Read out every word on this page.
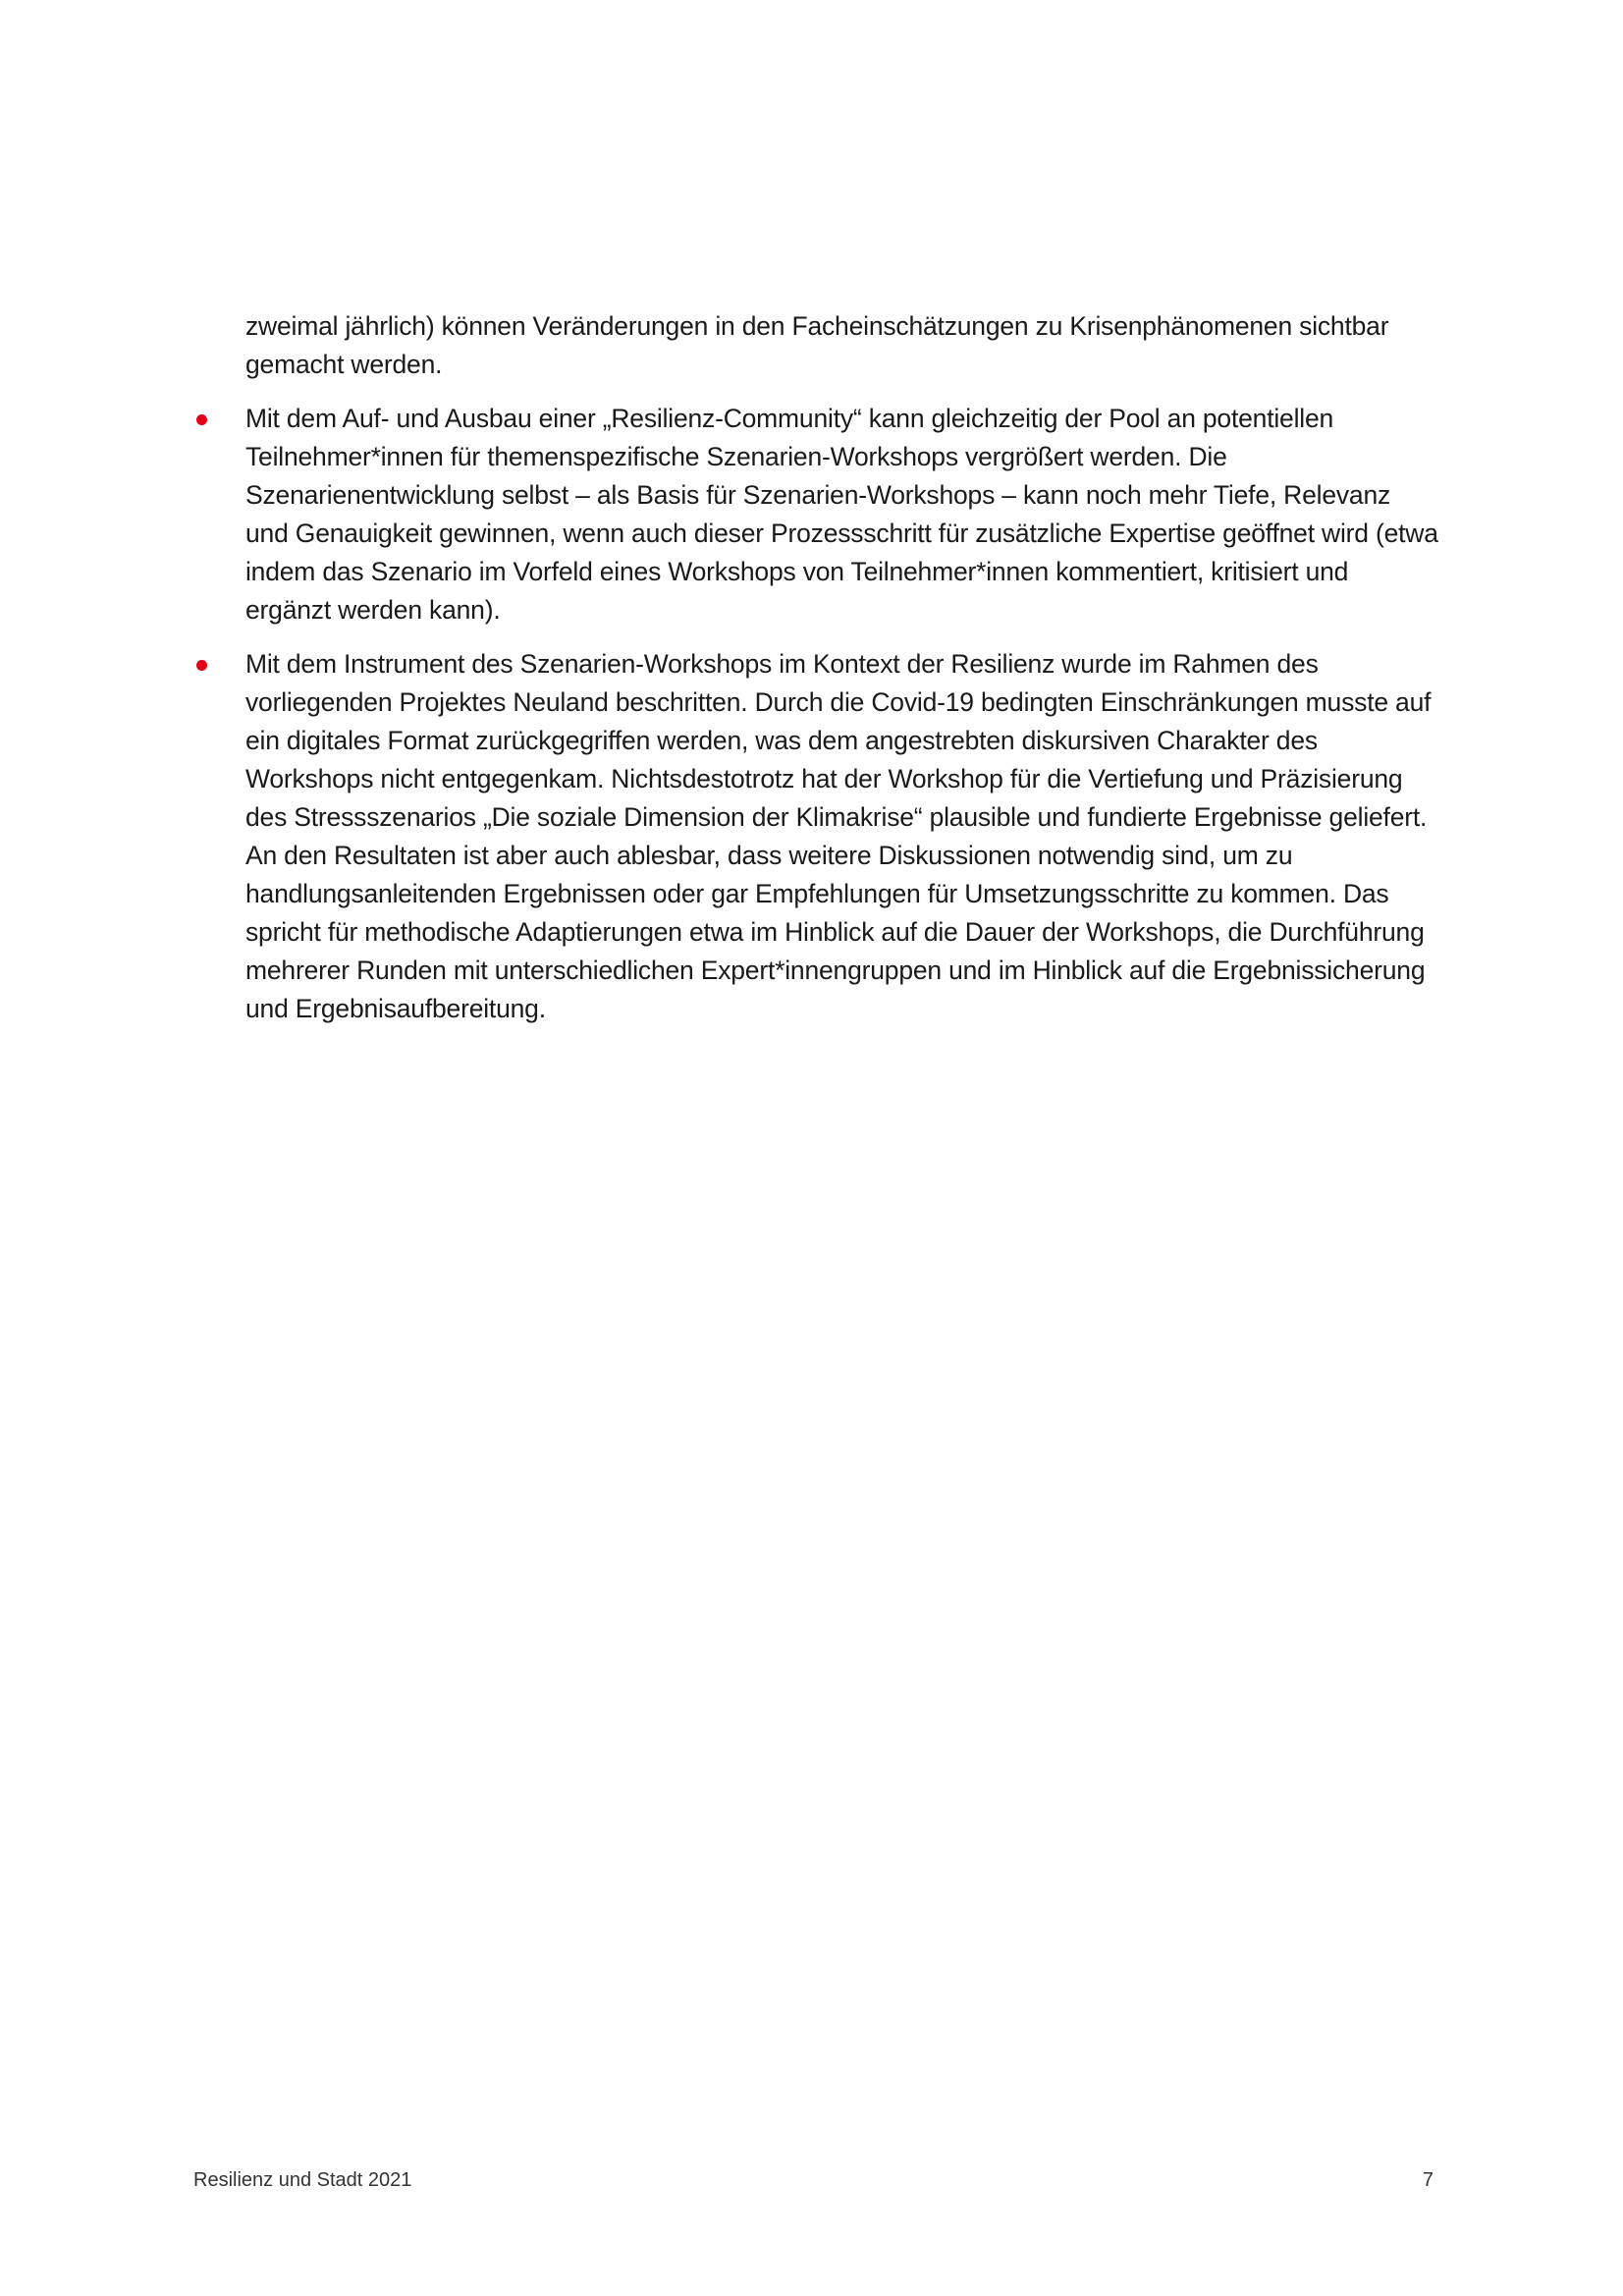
zweimal jährlich) können Veränderungen in den Facheinschätzungen zu Krisenphänomenen sichtbar gemacht werden.

Mit dem Auf- und Ausbau einer „Resilienz-Community“ kann gleichzeitig der Pool an potentiellen Teilnehmer*innen für themenspezifische Szenarien-Workshops vergrößert werden. Die Szenarienentwicklung selbst – als Basis für Szenarien-Workshops – kann noch mehr Tiefe, Relevanz und Genauigkeit gewinnen, wenn auch dieser Prozessschritt für zusätzliche Expertise geöffnet wird (etwa indem das Szenario im Vorfeld eines Workshops von Teilnehmer*innen kommentiert, kritisiert und ergänzt werden kann).
Mit dem Instrument des Szenarien-Workshops im Kontext der Resilienz wurde im Rahmen des vorliegenden Projektes Neuland beschritten. Durch die Covid-19 bedingten Einschränkungen musste auf ein digitales Format zurückgegriffen werden, was dem angestrebten diskursiven Charakter des Workshops nicht entgegenkam. Nichtsdestotrotz hat der Workshop für die Vertiefung und Präzisierung des Stressszenarios „Die soziale Dimension der Klimakrise“ plausible und fundierte Ergebnisse geliefert. An den Resultaten ist aber auch ablesbar, dass weitere Diskussionen notwendig sind, um zu handlungsanleitenden Ergebnissen oder gar Empfehlungen für Umsetzungsschritte zu kommen. Das spricht für methodische Adaptierungen etwa im Hinblick auf die Dauer der Workshops, die Durchführung mehrerer Runden mit unterschiedlichen Expert*innengruppen und im Hinblick auf die Ergebnissicherung und Ergebnisaufbereitung.
Resilienz und Stadt 2021	7
